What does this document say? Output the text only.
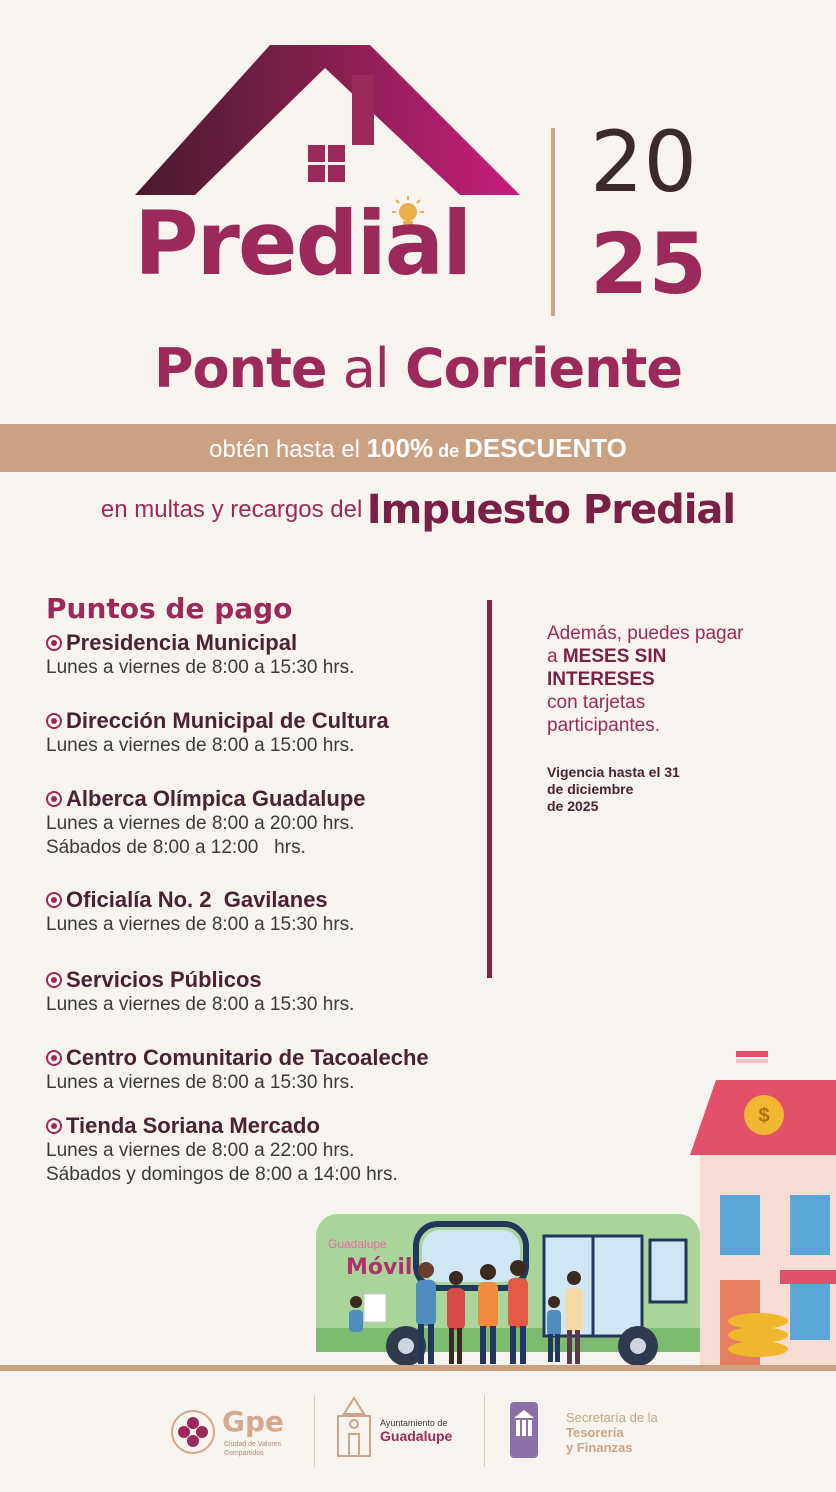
Predial
20
25
Ponte al Corriente
obtén hasta el 100% de DESCUENTO
en multas y recargos del Impuesto Predial
Puntos de pago
Presidencia Municipal
Lunes a viernes de 8:00 a 15:30 hrs.
Dirección Municipal de Cultura
Lunes a viernes de 8:00 a 15:00 hrs.
Alberca Olímpica Guadalupe
Lunes a viernes de 8:00 a 20:00 hrs.
Sábados de 8:00 a 12:00   hrs.
Oficialía No. 2  Gavilanes
Lunes a viernes de 8:00 a 15:30 hrs.
Servicios Públicos
Lunes a viernes de 8:00 a 15:30 hrs.
Centro Comunitario de Tacoaleche
Lunes a viernes de 8:00 a 15:30 hrs.
Tienda Soriana Mercado
Lunes a viernes de 8:00 a 22:00 hrs.
Sábados y domingos de 8:00 a 14:00 hrs.
Además, puedes pagar
a MESES SIN
INTERESES
con tarjetas
participantes.
Vigencia hasta el 31
de diciembre
de 2025
$
Guadalupe
Móvil
Gpe
Ciudad de Valores
Compartidos
Ayuntamiento de
Guadalupe
Secretaría de la
Tesorería
y Finanzas
